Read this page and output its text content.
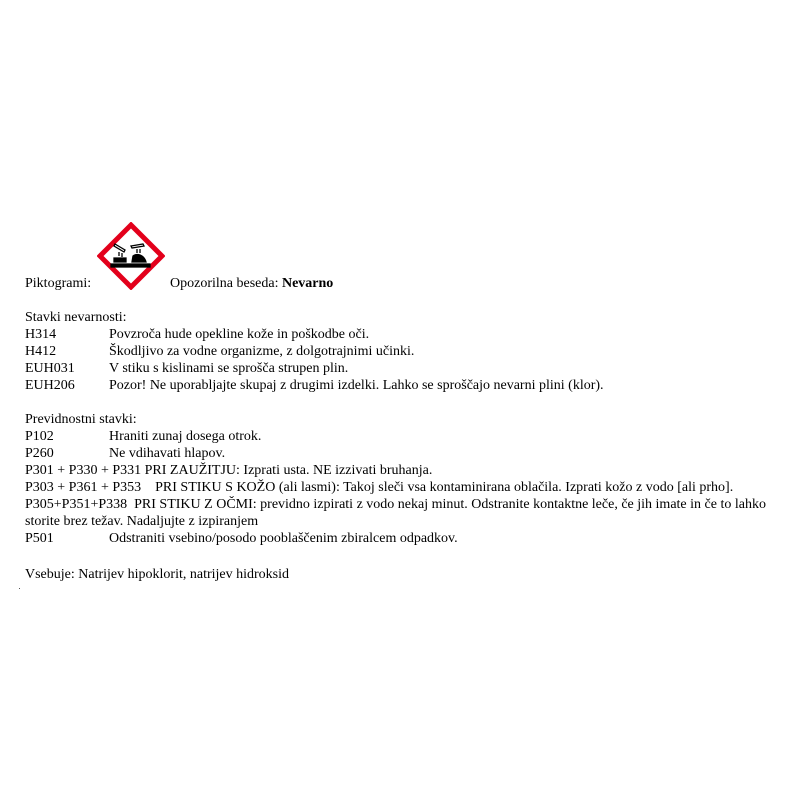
Piktogrami:	Opozorilna beseda: Nevarno
Stavki nevarnosti:
H314	Povzroča hude opekline kože in poškodbe oči.
H412	Škodljivo za vodne organizme, z dolgotrajnimi učinki.
EUH031 V stiku s kislinami se sprošča strupen plin.
EUH206 Pozor! Ne uporabljajte skupaj z drugimi izdelki. Lahko se sproščajo nevarni plini (klor).
Previdnostni stavki:
P102	Hraniti zunaj dosega otrok.
P260	Ne vdihavati hlapov.
P301 + P330 + P331 PRI ZAUŽITJU: Izprati usta. NE izzivati bruhanja.
P303 + P361 + P353    PRI STIKU S KOŽO (ali lasmi): Takoj sleči vsa kontaminirana oblačila. Izprati kožo z vodo [ali prho].
P305+P351+P338  PRI STIKU Z OČMI: previdno izpirati z vodo nekaj minut. Odstranite kontaktne leče, če jih imate in če to lahko storite brez težav. Nadaljujte z izpiranjem
P501	Odstraniti vsebino/posodo pooblaščenim zbiralcem odpadkov.
Vsebuje: Natrijev hipoklorit, natrijev hidroksid
